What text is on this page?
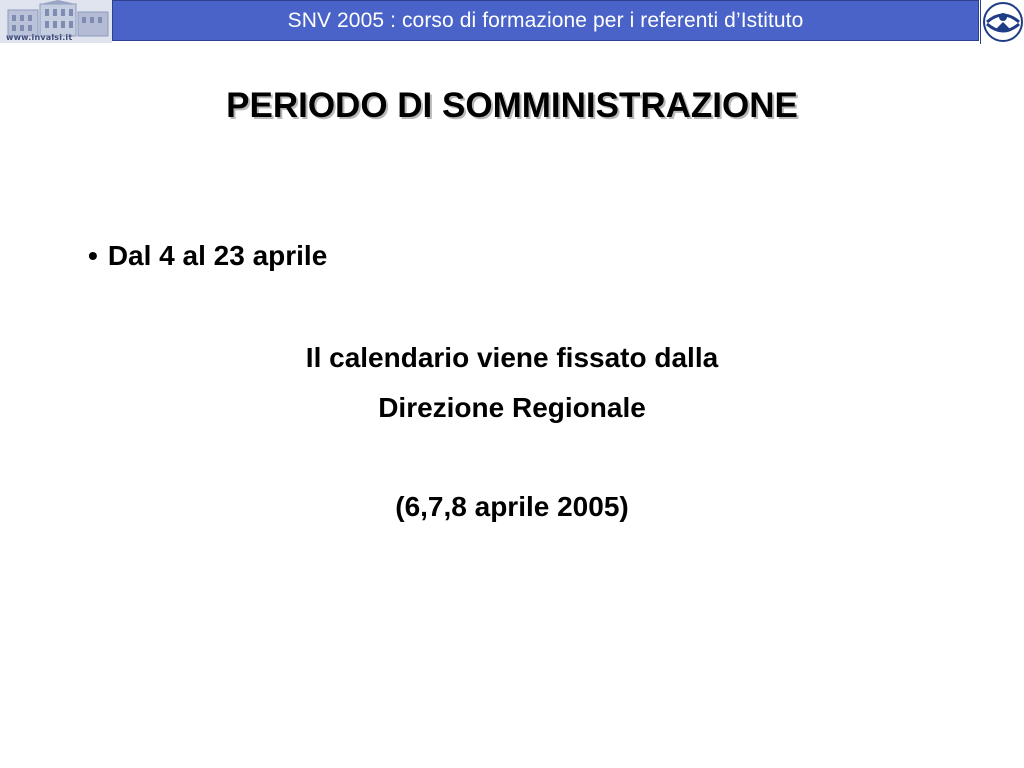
www.invalsi.it
SNV 2005 : corso di formazione per i referenti d’Istituto
PERIODO DI SOMMINISTRAZIONE
• Dal 4 al 23 aprile
Il calendario viene fissato dalla
Direzione Regionale
(6,7,8 aprile 2005)
